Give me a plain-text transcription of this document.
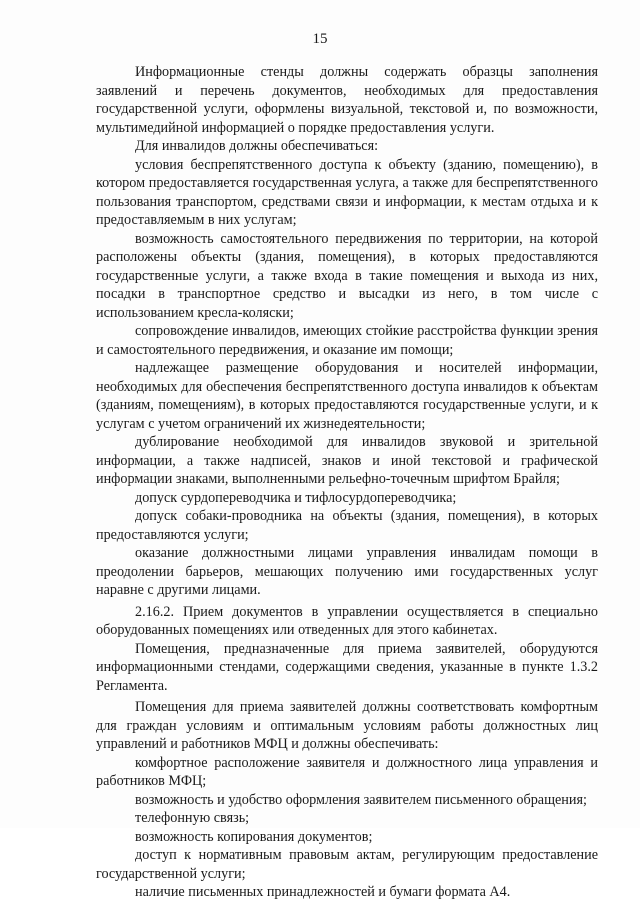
15

Информационные стенды должны содержать образцы заполнения заявлений и перечень документов, необходимых для предоставления государственной услуги, оформлены визуальной, текстовой и, по возможности, мультимедийной информацией о порядке предоставления услуги.

Для инвалидов должны обеспечиваться:

условия беспрепятственного доступа к объекту (зданию, помещению), в котором предоставляется государственная услуга, а также для беспрепятственного пользования транспортом, средствами связи и информации, к местам отдыха и к предоставляемым в них услугам;

возможность самостоятельного передвижения по территории, на которой расположены объекты (здания, помещения), в которых предоставляются государственные услуги, а также входа в такие помещения и выхода из них, посадки в транспортное средство и высадки из него, в том числе с использованием кресла-коляски;

сопровождение инвалидов, имеющих стойкие расстройства функции зрения и самостоятельного передвижения, и оказание им помощи;

надлежащее размещение оборудования и носителей информации, необходимых для обеспечения беспрепятственного доступа инвалидов к объектам (зданиям, помещениям), в которых предоставляются государственные услуги, и к услугам с учетом ограничений их жизнедеятельности;

дублирование необходимой для инвалидов звуковой и зрительной информации, а также надписей, знаков и иной текстовой и графической информации знаками, выполненными рельефно-точечным шрифтом Брайля;

допуск сурдопереводчика и тифлосурдопереводчика;

допуск собаки-проводника на объекты (здания, помещения), в которых предоставляются услуги;

оказание должностными лицами управления инвалидам помощи в преодолении барьеров, мешающих получению ими государственных услуг наравне с другими лицами.

2.16.2. Прием документов в управлении осуществляется в специально оборудованных помещениях или отведенных для этого кабинетах.

Помещения, предназначенные для приема заявителей, оборудуются информационными стендами, содержащими сведения, указанные в пункте 1.3.2 Регламента.

Помещения для приема заявителей должны соответствовать комфортным для граждан условиям и оптимальным условиям работы должностных лиц управлений и работников МФЦ и должны обеспечивать:

комфортное расположение заявителя и должностного лица управления и работников МФЦ;

возможность и удобство оформления заявителем письменного обращения;

телефонную связь;

возможность копирования документов;

доступ к нормативным правовым актам, регулирующим предоставление государственной услуги;

наличие письменных принадлежностей и бумаги формата А4.
